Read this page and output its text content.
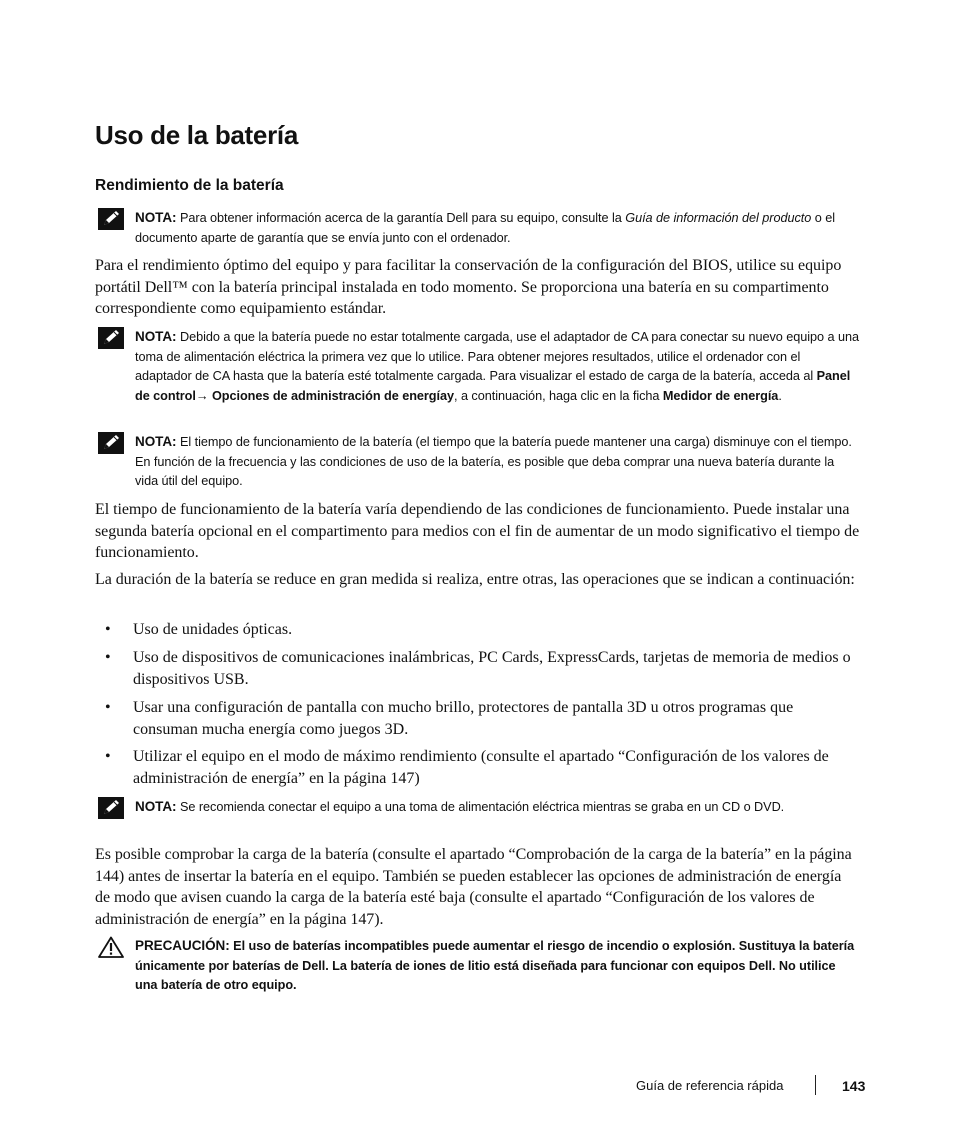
Uso de la batería
Rendimiento de la batería
NOTA: Para obtener información acerca de la garantía Dell para su equipo, consulte la Guía de información del producto o el documento aparte de garantía que se envía junto con el ordenador.

Para el rendimiento óptimo del equipo y para facilitar la conservación de la configuración del BIOS, utilice su equipo portátil Dell™ con la batería principal instalada en todo momento. Se proporciona una batería en su compartimento correspondiente como equipamiento estándar.

NOTA: Debido a que la batería puede no estar totalmente cargada, use el adaptador de CA para conectar su nuevo equipo a una toma de alimentación eléctrica la primera vez que lo utilice. Para obtener mejores resultados, utilice el ordenador con el adaptador de CA hasta que la batería esté totalmente cargada. Para visualizar el estado de carga de la batería, acceda al Panel de control→ Opciones de administración de energíay, a continuación, haga clic en la ficha Medidor de energía.
NOTA: El tiempo de funcionamiento de la batería (el tiempo que la batería puede mantener una carga) disminuye con el tiempo. En función de la frecuencia y las condiciones de uso de la batería, es posible que deba comprar una nueva batería durante la vida útil del equipo.

El tiempo de funcionamiento de la batería varía dependiendo de las condiciones de funcionamiento. Puede instalar una segunda batería opcional en el compartimento para medios con el fin de aumentar de un modo significativo el tiempo de funcionamiento.

La duración de la batería se reduce en gran medida si realiza, entre otras, las operaciones que se indican a continuación:

• Uso de unidades ópticas.
• Uso de dispositivos de comunicaciones inalámbricas, PC Cards, ExpressCards, tarjetas de memoria de medios o dispositivos USB.
• Usar una configuración de pantalla con mucho brillo, protectores de pantalla 3D u otros programas que consuman mucha energía como juegos 3D.
• Utilizar el equipo en el modo de máximo rendimiento (consulte el apartado “Configuración de los valores de administración de energía” en la página 147)
NOTA: Se recomienda conectar el equipo a una toma de alimentación eléctrica mientras se graba en un CD o DVD.

Es posible comprobar la carga de la batería (consulte el apartado “Comprobación de la carga de la batería” en la página 144) antes de insertar la batería en el equipo. También se pueden establecer las opciones de administración de energía de modo que avisen cuando la carga de la batería esté baja (consulte el apartado “Configuración de los valores de administración de energía” en la página 147).

PRECAUCIÓN: El uso de baterías incompatibles puede aumentar el riesgo de incendio o explosión. Sustituya la batería únicamente por baterías de Dell. La batería de iones de litio está diseñada para funcionar con equipos Dell. No utilice una batería de otro equipo.
Guía de referencia rápida	143
